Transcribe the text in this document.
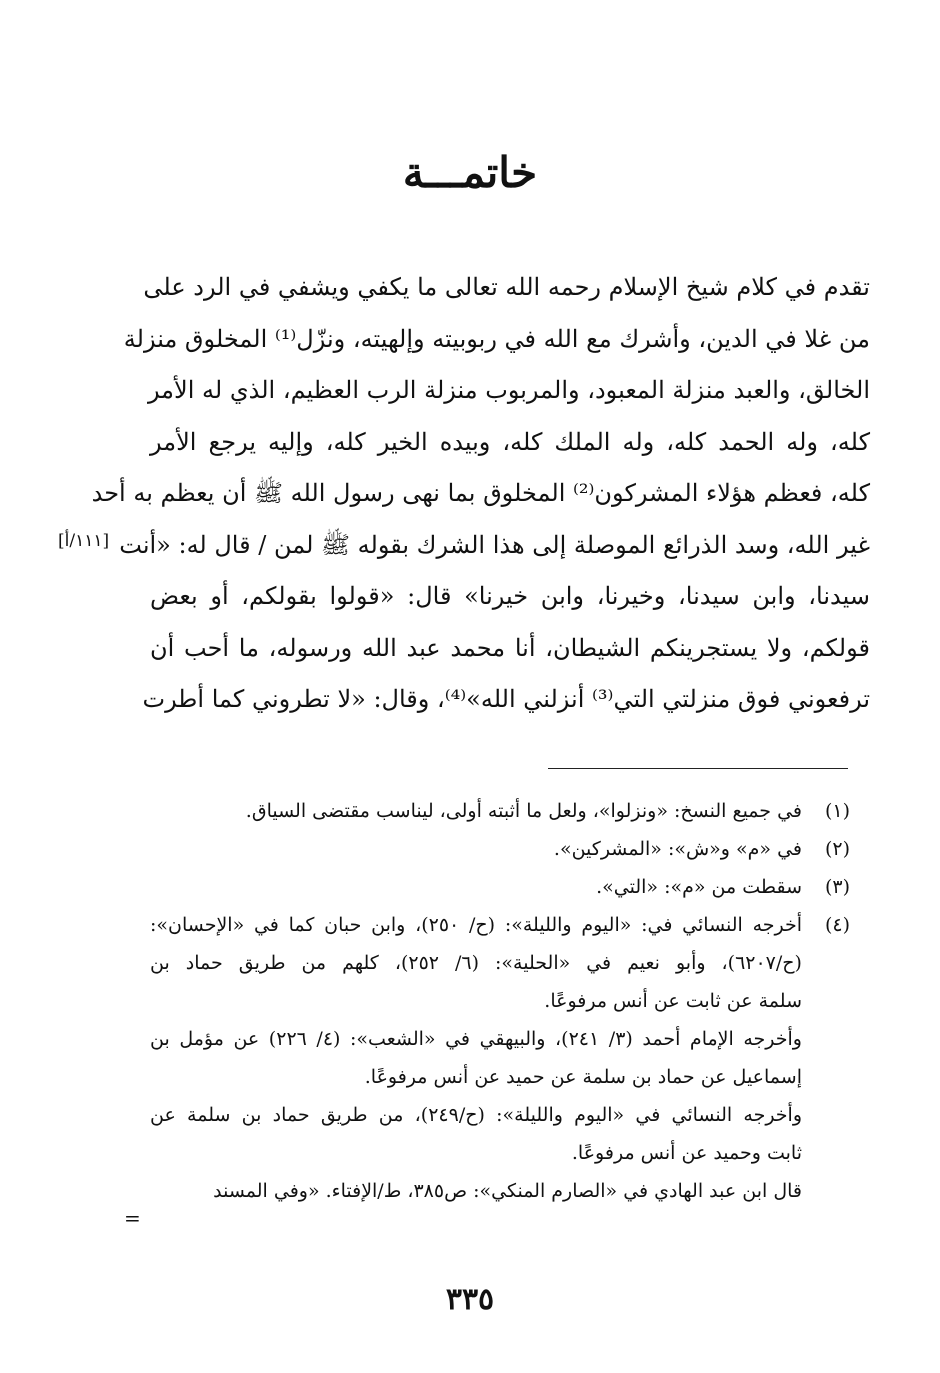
خاتمـــة
[١١١/أ]
تقدم في كلام شيخ الإسلام رحمه الله تعالى ما يكفي ويشفي في الرد على
من غلا في الدين، وأشرك مع الله في ربوبيته وإلهيته، ونزّل⁽¹⁾ المخلوق منزلة
الخالق، والعبد منزلة المعبود، والمربوب منزلة الرب العظيم، الذي له الأمر
كله، وله الحمد كله، وله الملك كله، وبيده الخير كله، وإليه يرجع الأمر
كله، فعظم هؤلاء المشركون⁽²⁾ المخلوق بما نهى رسول الله ﷺ أن يعظم به أحد
غير الله، وسد الذرائع الموصلة إلى هذا الشرك بقوله ﷺ لمن / قال له: «أنت
سيدنا، وابن سيدنا، وخيرنا، وابن خيرنا» قال: «قولوا بقولكم، أو بعض
قولكم، ولا يستجرينكم الشيطان، أنا محمد عبد الله ورسوله، ما أحب أن
ترفعوني فوق منزلتي التي⁽³⁾ أنزلني الله»⁽⁴⁾، وقال: «لا تطروني كما أطرت
(١)
في جميع النسخ: «ونزلوا»، ولعل ما أثبته أولى، ليناسب مقتضى السياق.
(٢)
في «م» و«ش»: «المشركين».
(٣)
سقطت من «م»: «التي».
(٤)
أخرجه النسائي في: «اليوم والليلة»: (ح/ ٢٥٠)، وابن حبان كما في «الإحسان»:
(ح/٦٢٠٧)، وأبو نعيم في «الحلية»: (٦/ ٢٥٢)، كلهم من طريق حماد بن
سلمة عن ثابت عن أنس مرفوعًا.
وأخرجه الإمام أحمد (٣/ ٢٤١)، والبيهقي في «الشعب»: (٤/ ٢٢٦) عن مؤمل بن
إسماعيل عن حماد بن سلمة عن حميد عن أنس مرفوعًا.
وأخرجه النسائي في «اليوم والليلة»: (ح/٢٤٩)، من طريق حماد بن سلمة عن
ثابت وحميد عن أنس مرفوعًا.
قال ابن عبد الهادي في «الصارم المنكي»: ص٣٨٥، ط/الإفتاء. «وفي المسند
=
٣٣٥
